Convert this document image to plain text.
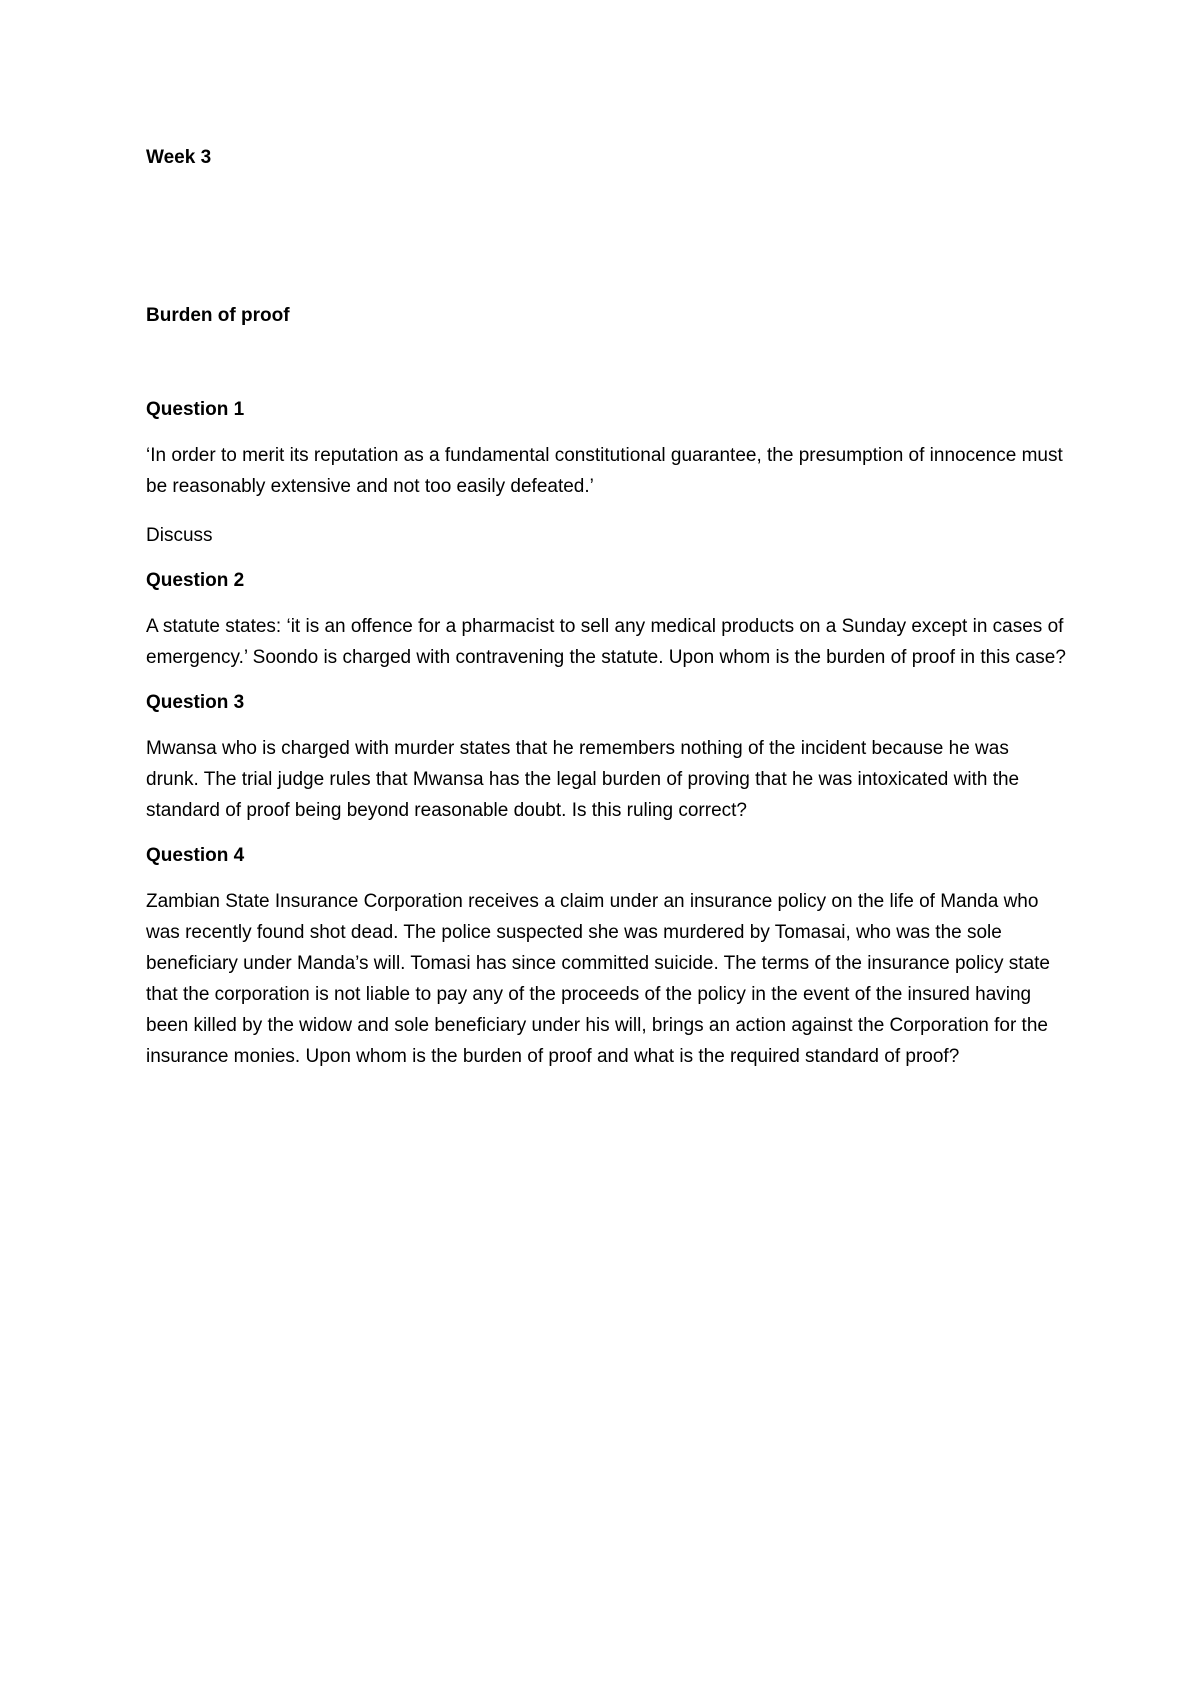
Week 3

Burden of proof

Question 1

‘In order to merit its reputation as a fundamental constitutional guarantee, the presumption of innocence must be reasonably extensive and not too easily defeated.’

Discuss

Question 2

A statute states: ‘it is an offence for a pharmacist to sell any medical products on a Sunday except in cases of emergency.’ Soondo is charged with contravening the statute. Upon whom is the burden of proof in this case?

Question 3

Mwansa who is charged with murder states that he remembers nothing of the incident because he was drunk. The trial judge rules that Mwansa has the legal burden of proving that he was intoxicated with the standard of proof being beyond reasonable doubt. Is this ruling correct?

Question 4

Zambian State Insurance Corporation receives a claim under an insurance policy on the life of Manda who was recently found shot dead. The police suspected she was murdered by Tomasai, who was the sole beneficiary under Manda’s will. Tomasi has since committed suicide. The terms of the insurance policy state that the corporation is not liable to pay any of the proceeds of the policy in the event of the insured having been killed by the widow and sole beneficiary under his will, brings an action against the Corporation for the insurance monies. Upon whom is the burden of proof and what is the required standard of proof?
